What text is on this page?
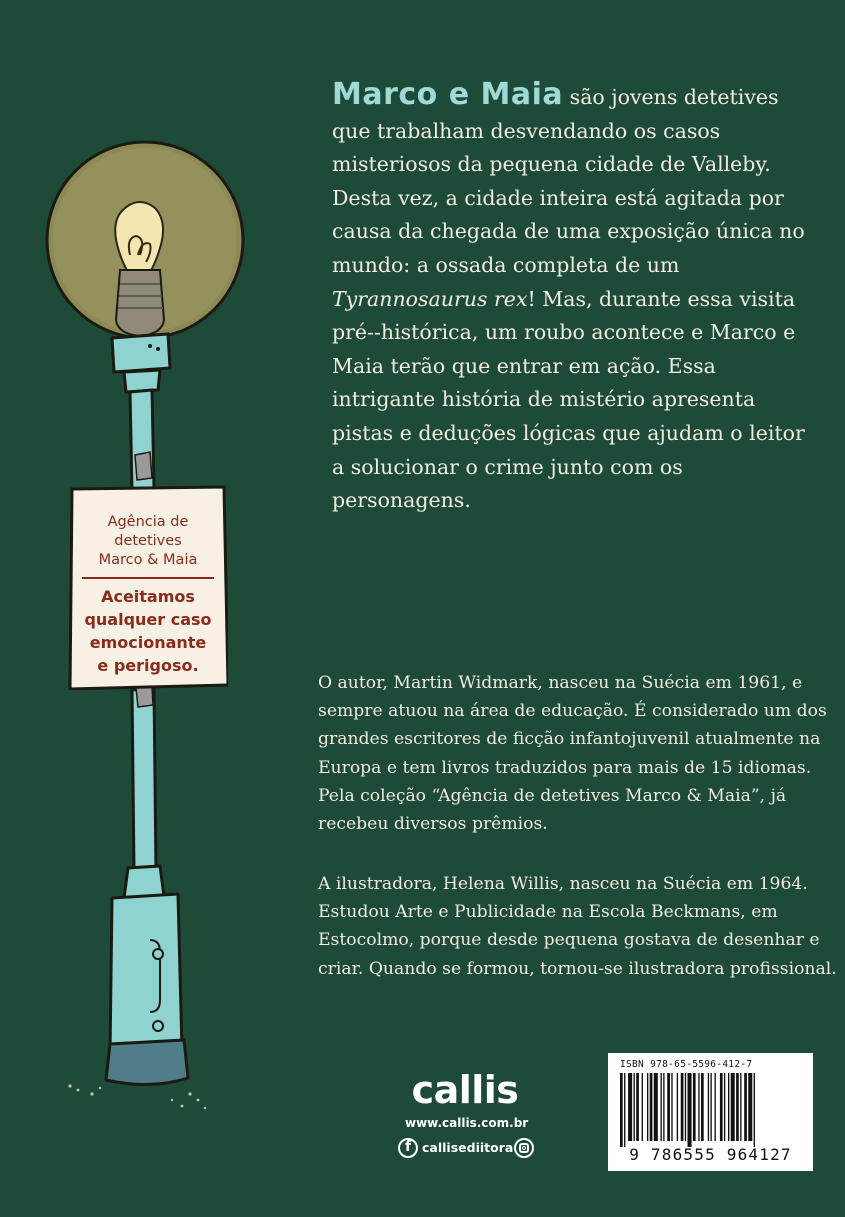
Agência de
detetives
Marco & Maia
Aceitamos
qualquer caso
emocionante
e perigoso.
Marco e Maia são jovens detetives que trabalham desvendando os casos misteriosos da pequena cidade de Valleby. Desta vez, a cidade inteira está agitada por causa da chegada de uma exposição única no mundo: a ossada completa de um Tyrannosaurus rex! Mas, durante essa visita pré--histórica, um roubo acontece e Marco e Maia terão que entrar em ação. Essa intrigante história de mistério apresenta pistas e deduções lógicas que ajudam o leitor a solucionar o crime junto com os personagens.
O autor, Martin Widmark, nasceu na Suécia em 1961, e sempre atuou na área de educação. É considerado um dos grandes escritores de ficção infantojuvenil atualmente na Europa e tem livros traduzidos para mais de 15 idiomas. Pela coleção “Agência de detetives Marco & Maia”, já recebeu diversos prêmios.
A ilustradora, Helena Willis, nasceu na Suécia em 1964. Estudou Arte e Publicidade na Escola Beckmans, em Estocolmo, porque desde pequena gostava de desenhar e criar. Quando se formou, tornou-se ilustradora profissional.
callis
www.callis.com.br
f callisediitora
ISBN 978-65-5596-412-7
9 786555 964127
